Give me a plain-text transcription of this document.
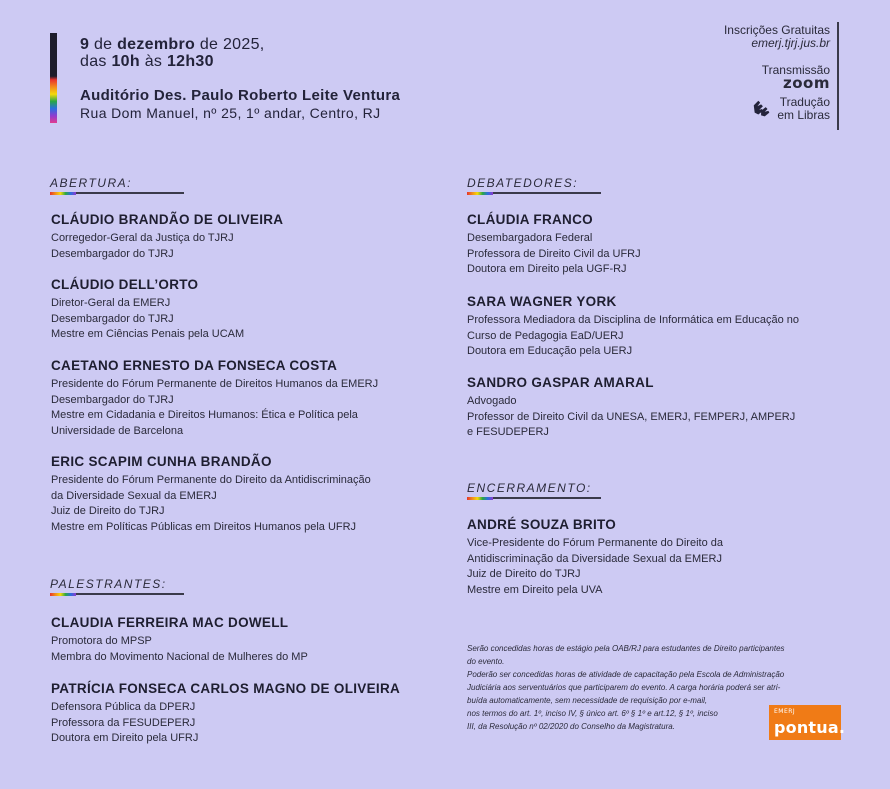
9 de dezembro de 2025,
das 10h às 12h30
Auditório Des. Paulo Roberto Leite Ventura
Rua Dom Manuel, nº 25, 1º andar, Centro, RJ
Inscrições Gratuitas
emerj.tjrj.jus.br
Transmissão
zoom
Tradução
em Libras
ABERTURA:
CLÁUDIO BRANDÃO DE OLIVEIRA
Corregedor-Geral da Justiça do TJRJ
Desembargador do TJRJ
CLÁUDIO DELL’ORTO
Diretor-Geral da EMERJ
Desembargador do TJRJ
Mestre em Ciências Penais pela UCAM
CAETANO ERNESTO DA FONSECA COSTA
Presidente do Fórum Permanente de Direitos Humanos da EMERJ
Desembargador do TJRJ
Mestre em Cidadania e Direitos Humanos: Ética e Política pela
Universidade de Barcelona
ERIC SCAPIM CUNHA BRANDÃO
Presidente do Fórum Permanente do Direito da Antidiscriminação
da Diversidade Sexual da EMERJ
Juiz de Direito do TJRJ
Mestre em Políticas Públicas em Direitos Humanos pela UFRJ
PALESTRANTES:
CLAUDIA FERREIRA MAC DOWELL
Promotora do MPSP
Membra do Movimento Nacional de Mulheres do MP
PATRÍCIA FONSECA CARLOS MAGNO DE OLIVEIRA
Defensora Pública da DPERJ
Professora da FESUDEPERJ
Doutora em Direito pela UFRJ
DEBATEDORES:
CLÁUDIA FRANCO
Desembargadora Federal
Professora de Direito Civil da UFRJ
Doutora em Direito pela UGF-RJ
SARA WAGNER YORK
Professora Mediadora da Disciplina de Informática em Educação no
Curso de Pedagogia EaD/UERJ
Doutora em Educação pela UERJ
SANDRO GASPAR AMARAL
Advogado
Professor de Direito Civil da UNESA, EMERJ, FEMPERJ, AMPERJ
e FESUDEPERJ
ENCERRAMENTO:
ANDRÉ SOUZA BRITO
Vice-Presidente do Fórum Permanente do Direito da
Antidiscriminação da Diversidade Sexual da EMERJ
Juiz de Direito do TJRJ
Mestre em Direito pela UVA
Serão concedidas horas de estágio pela OAB/RJ para estudantes de Direito participantes
do evento.
Poderão ser concedidas horas de atividade de capacitação pela Escola de Administração
Judiciária aos serventuários que participarem do evento. A carga horária poderá ser atri-
buída automaticamente, sem necessidade de requisição por e-mail,
nos termos do art. 1º, inciso IV, § único art. 6º § 1º e art.12, § 1º, inciso
III, da Resolução nº 02/2020 do Conselho da Magistratura.
EMERJ
pontua.
